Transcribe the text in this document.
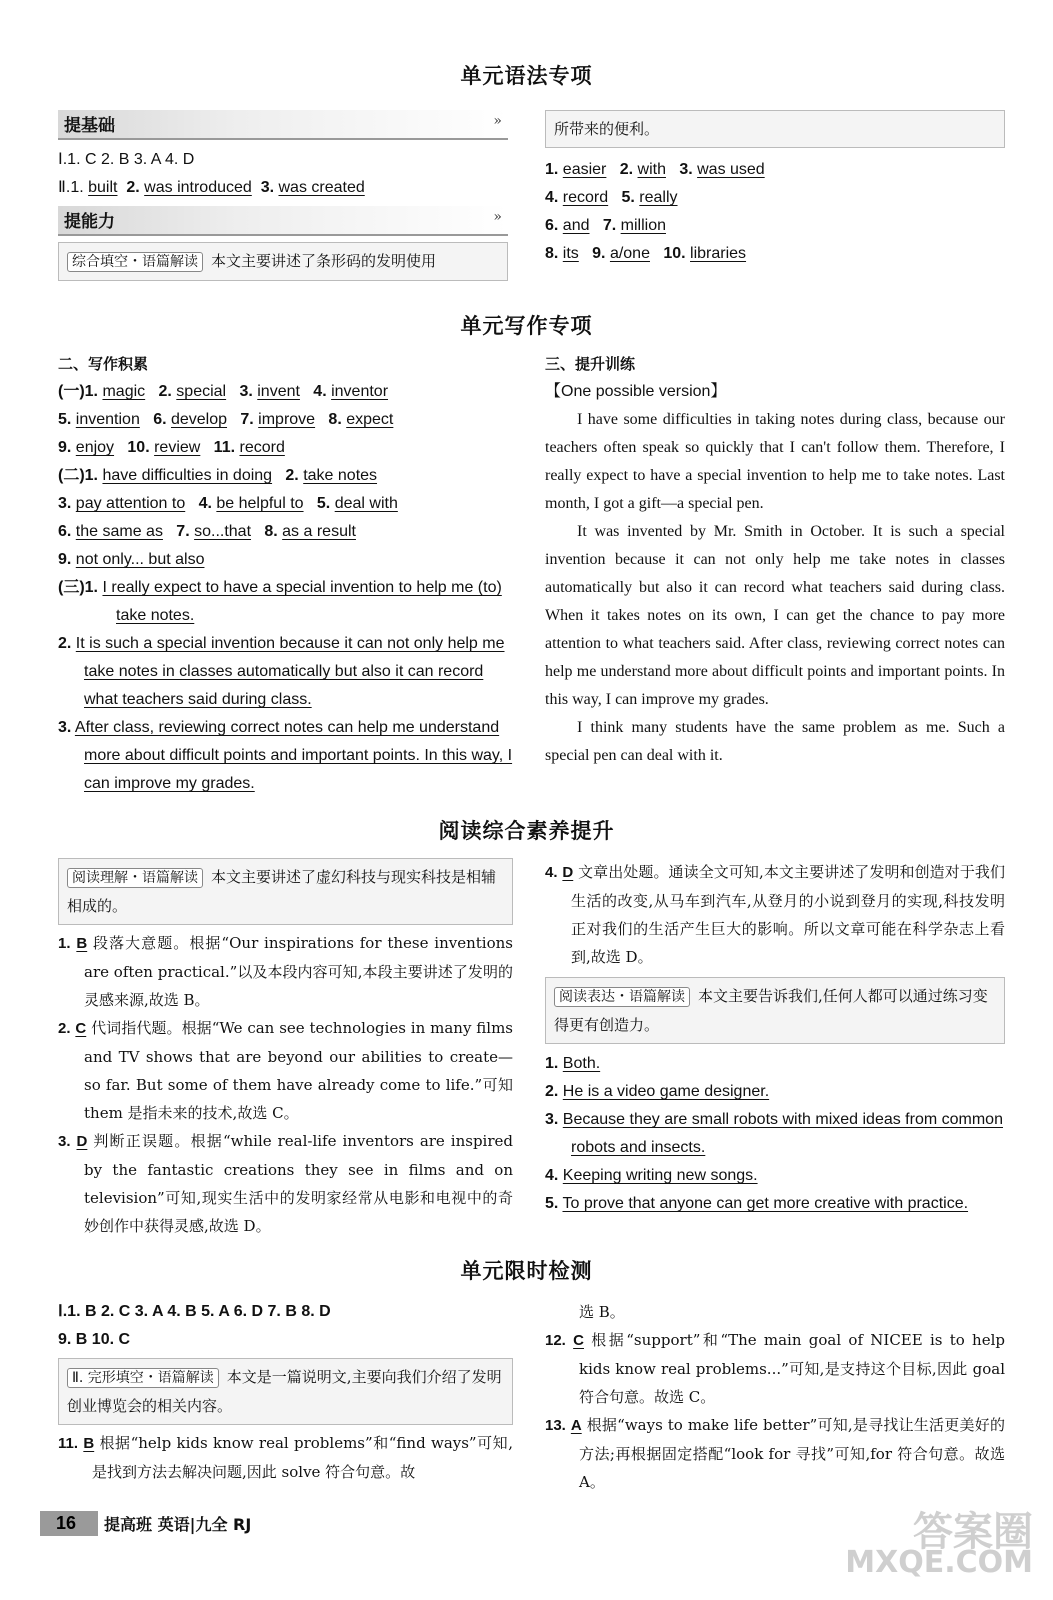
单元语法专项
提基础	»
Ⅰ.1. C 2. B 3. A 4. D
Ⅱ.1. built 2. was introduced 3. was created
提能力	»
综合填空・语篇解读 本文主要讲述了条形码的发明使用
所带来的便利。
1. easier 2. with 3. was used
4. record 5. really
6. and 7. million
8. its 9. a/one 10. libraries
单元写作专项
二、写作积累
(一)1. magic 2. special 3. invent 4. inventor
5. invention 6. develop 7. improve 8. expect
9. enjoy 10. review 11. record
(二)1. have difficulties in doing 2. take notes
3. pay attention to 4. be helpful to 5. deal with
6. the same as 7. so...that 8. as a result
9. not only... but also
(三)1. I really expect to have a special invention to help me (to) take notes.
2. It is such a special invention because it can not only help me take notes in classes automatically but also it can record what teachers said during class.
3. After class, reviewing correct notes can help me understand more about difficult points and important points. In this way, I can improve my grades.
三、提升训练
【One possible version】
I have some difficulties in taking notes during class, because our teachers often speak so quickly that I can't follow them. Therefore, I really expect to have a special invention to help me to take notes. Last month, I got a gift—a special pen.
It was invented by Mr. Smith in October. It is such a special invention because it can not only help me take notes in classes automatically but also it can record what teachers said during class. When it takes notes on its own, I can get the chance to pay more attention to what teachers said. After class, reviewing correct notes can help me understand more about difficult points and important points. In this way, I can improve my grades.
I think many students have the same problem as me. Such a special pen can deal with it.
阅读综合素养提升
阅读理解・语篇解读 本文主要讲述了虚幻科技与现实科技是相辅相成的。
1. B 段落大意题。根据“Our inspirations for these inventions are often practical.”以及本段内容可知,本段主要讲述了发明的灵感来源,故选 B。
2. C 代词指代题。根据“We can see technologies in many films and TV shows that are beyond our abilities to create—so far. But some of them have already come to life.”可知 them 是指未来的技术,故选 C。
3. D 判断正误题。根据“while real-life inventors are inspired by the fantastic creations they see in films and on television”可知,现实生活中的发明家经常从电影和电视中的奇妙创作中获得灵感,故选 D。
4. D 文章出处题。通读全文可知,本文主要讲述了发明和创造对于我们生活的改变,从马车到汽车,从登月的小说到登月的实现,科技发明正对我们的生活产生巨大的影响。所以文章可能在科学杂志上看到,故选 D。
阅读表达・语篇解读 本文主要告诉我们,任何人都可以通过练习变得更有创造力。
1. Both.
2. He is a video game designer.
3. Because they are small robots with mixed ideas from common robots and insects.
4. Keeping writing new songs.
5. To prove that anyone can get more creative with practice.
单元限时检测
Ⅰ.1. B 2. C 3. A 4. B 5. A 6. D 7. B 8. D
9. B 10. C
Ⅱ. 完形填空・语篇解读 本文是一篇说明文,主要向我们介绍了发明创业博览会的相关内容。
11. B 根据“help kids know real problems”和“find ways”可知,是找到方法去解决问题,因此 solve 符合句意。故
选 B。
12. C 根据“support”和“The main goal of NICEE is to help kids know real problems...”可知,是支持这个目标,因此 goal 符合句意。故选 C。
13. A 根据“ways to make life better”可知,是寻找让生活更美好的方法;再根据固定搭配“look for 寻找”可知,for 符合句意。故选 A。
16	提高班 英语|九全 RJ	答案圈
MXQE.COM
